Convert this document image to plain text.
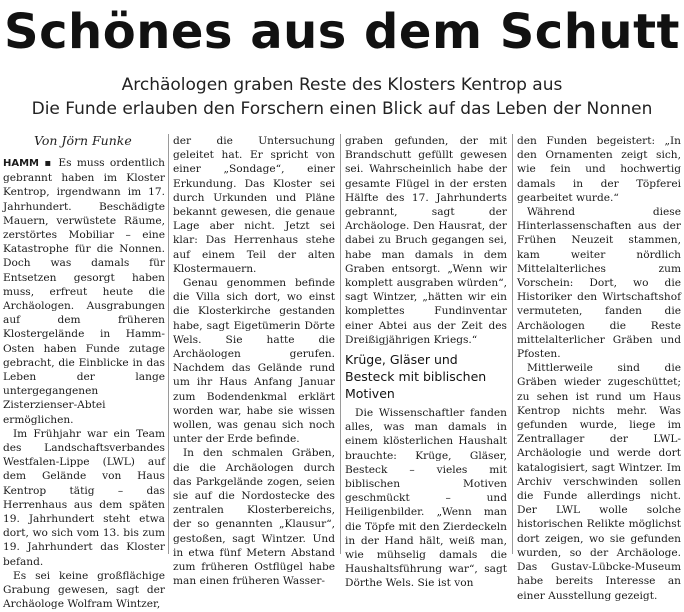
Schönes aus dem Schutt
Archäologen graben Reste des Klosters Kentrop aus
Die Funde erlauben den Forschern einen Blick auf das Leben der Nonnen
Von Jörn Funke

HAMM ▪ Es muss ordentlich gebrannt haben im Kloster Kentrop, irgendwann im 17. Jahrhundert. Beschädigte Mauern, verwüstete Räume, zerstörtes Mobiliar – eine Katastrophe für die Nonnen. Doch was damals für Entsetzen gesorgt haben muss, erfreut heute die Archäologen. Ausgrabungen auf dem früheren Klostergelände in Hamm-Osten haben Funde zutage gebracht, die Einblicke in das Leben der lange untergegangenen Zisterzienser-Abtei ermöglichen.

Im Frühjahr war ein Team des Landschaftsverbandes Westfalen-Lippe (LWL) auf dem Gelände von Haus Kentrop tätig – das Herrenhaus aus dem späten 19. Jahrhundert steht etwa dort, wo sich vom 13. bis zum 19. Jahrhundert das Kloster befand.

Es sei keine großflächige Grabung gewesen, sagt der Archäologe Wolfram Wintzer,

der die Untersuchung geleitet hat. Er spricht von einer „Sondage“, einer Erkundung. Das Kloster sei durch Urkunden und Pläne bekannt gewesen, die genaue Lage aber nicht. Jetzt sei klar: Das Herrenhaus stehe auf einem Teil der alten Klostermauern.

Genau genommen befinde die Villa sich dort, wo einst die Klosterkirche gestanden habe, sagt Eigetümerin Dörte Wels. Sie hatte die Archäologen gerufen. Nachdem das Gelände rund um ihr Haus Anfang Januar zum Bodendenkmal erklärt worden war, habe sie wissen wollen, was genau sich noch unter der Erde befinde.

In den schmalen Gräben, die die Archäologen durch das Parkgelände zogen, seien sie auf die Nordostecke des zentralen Klosterbereichs, der so genannten „Klausur“, gestoßen, sagt Wintzer. Und in etwa fünf Metern Abstand zum früheren Ostflügel habe man einen früheren Wasser-

graben gefunden, der mit Brandschutt gefüllt gewesen sei. Wahrscheinlich habe der gesamte Flügel in der ersten Hälfte des 17. Jahrhunderts gebrannt, sagt der Archäologe. Den Hausrat, der dabei zu Bruch gegangen sei, habe man damals in dem Graben entsorgt. „Wenn wir komplett ausgraben würden“, sagt Wintzer, „hätten wir ein komplettes Fundinventar einer Abtei aus der Zeit des Dreißigjährigen Kriegs.“

Krüge, Gläser und Besteck mit biblischen Motiven

Die Wissenschaftler fanden alles, was man damals in einem klösterlichen Haushalt brauchte: Krüge, Gläser, Besteck – vieles mit biblischen Motiven geschmückt – und Heiligenbilder. „Wenn man die Töpfe mit den Zierdeckeln in der Hand hält, weiß man, wie mühselig damals die Haushaltsführung war“, sagt Dörthe Wels. Sie ist von

den Funden begeistert: „In den Ornamenten zeigt sich, wie fein und hochwertig damals in der Töpferei gearbeitet wurde.“

Während diese Hinterlassenschaften aus der Frühen Neuzeit stammen, kam weiter nördlich Mittelalterliches zum Vorschein: Dort, wo die Historiker den Wirtschaftshof vermuteten, fanden die Archäologen die Reste mittelalterlicher Gräben und Pfosten.

Mittlerweile sind die Gräben wieder zugeschüttet; zu sehen ist rund um Haus Kentrop nichts mehr. Was gefunden wurde, liege im Zentrallager der LWL-Archäologie und werde dort katalogisiert, sagt Wintzer. Im Archiv verschwinden sollen die Funde allerdings nicht. Der LWL wolle solche historischen Relikte möglichst dort zeigen, wo sie gefunden wurden, so der Archäologe. Das Gustav-Lübcke-Museum habe bereits Interesse an einer Ausstellung gezeigt.
